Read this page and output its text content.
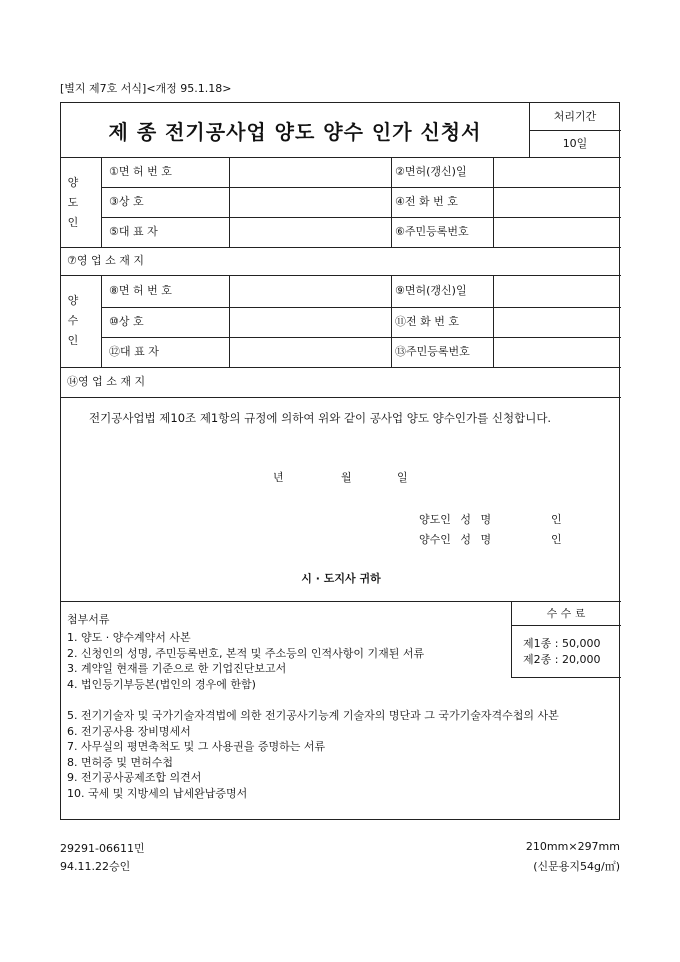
[별지 제7호 서식]<개정 95.1.18>
제 종 전기공사업 양도 양수 인가 신청서
처리기간
10일
양
도
인
①면 허 번 호	②면허(갱신)일
③상 호	④전 화 번 호
⑤대 표 자	⑥주민등록번호
⑦영 업 소 재 지
양
수
인
⑧면 허 번 호	⑨면허(갱신)일
⑩상 호	⑪전 화 번 호
⑫대 표 자	⑬주민등록번호
⑭영 업 소 재 지
전기공사업법 제10조 제1항의 규정에 의하여 위와 같이 공사업 양도 양수인가를 신청합니다.
년	월	일
양도인 성 명	인
양수인 성 명	인
시 · 도지사 귀하
수 수 료
제1종 : 50,000
제2종 : 20,000
첨부서류
1. 양도 · 양수계약서 사본
2. 신청인의 성명, 주민등록번호, 본적 및 주소등의 인적사항이 기재된 서류
3. 계약일 현재를 기준으로 한 기업진단보고서
4. 법인등기부등본(법인의 경우에 한함)
5. 전기기술자 및 국가기술자격법에 의한 전기공사기능계 기술자의 명단과 그 국가기술자격수첩의 사본
6. 전기공사용 장비명세서
7. 사무실의 평면축척도 및 그 사용권을 증명하는 서류
8. 면허증 및 면허수첩
9. 전기공사공제조합 의견서
10. 국세 및 지방세의 납세완납증명서
29291-06611민
94.11.22승인
210mm×297mm
(신문용지54g/㎡)
